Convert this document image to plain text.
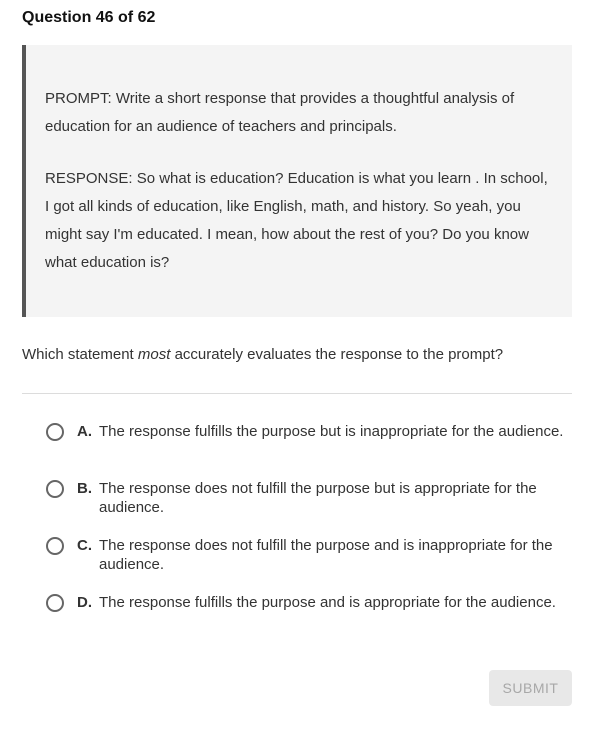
Question 46 of 62

PROMPT: Write a short response that provides a thoughtful analysis of education for an audience of teachers and principals.

RESPONSE: So what is education? Education is what you learn . In school, I got all kinds of education, like English, math, and history. So yeah, you might say I'm educated. I mean, how about the rest of you? Do you know what education is?

Which statement most accurately evaluates the response to the prompt?
A. The response fulfills the purpose but is inappropriate for the audience.
B. The response does not fulfill the purpose but is appropriate for the audience.
C. The response does not fulfill the purpose and is inappropriate for the audience.
D. The response fulfills the purpose and is appropriate for the audience.
SUBMIT
